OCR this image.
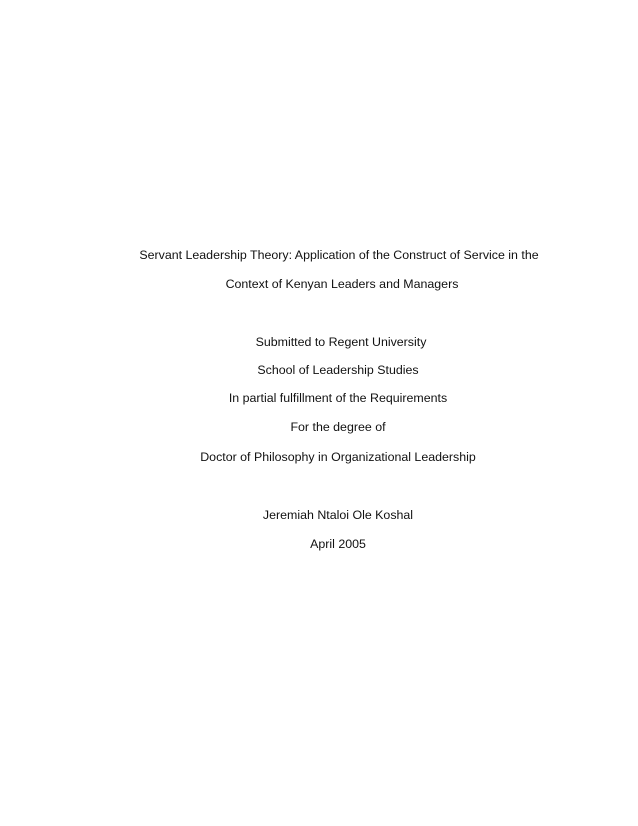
Servant Leadership Theory: Application of the Construct of Service in the
Context of Kenyan Leaders and Managers
Submitted to Regent University
School of Leadership Studies
In partial fulfillment of the Requirements
For the degree of
Doctor of Philosophy in Organizational Leadership
Jeremiah Ntaloi Ole Koshal
April 2005
